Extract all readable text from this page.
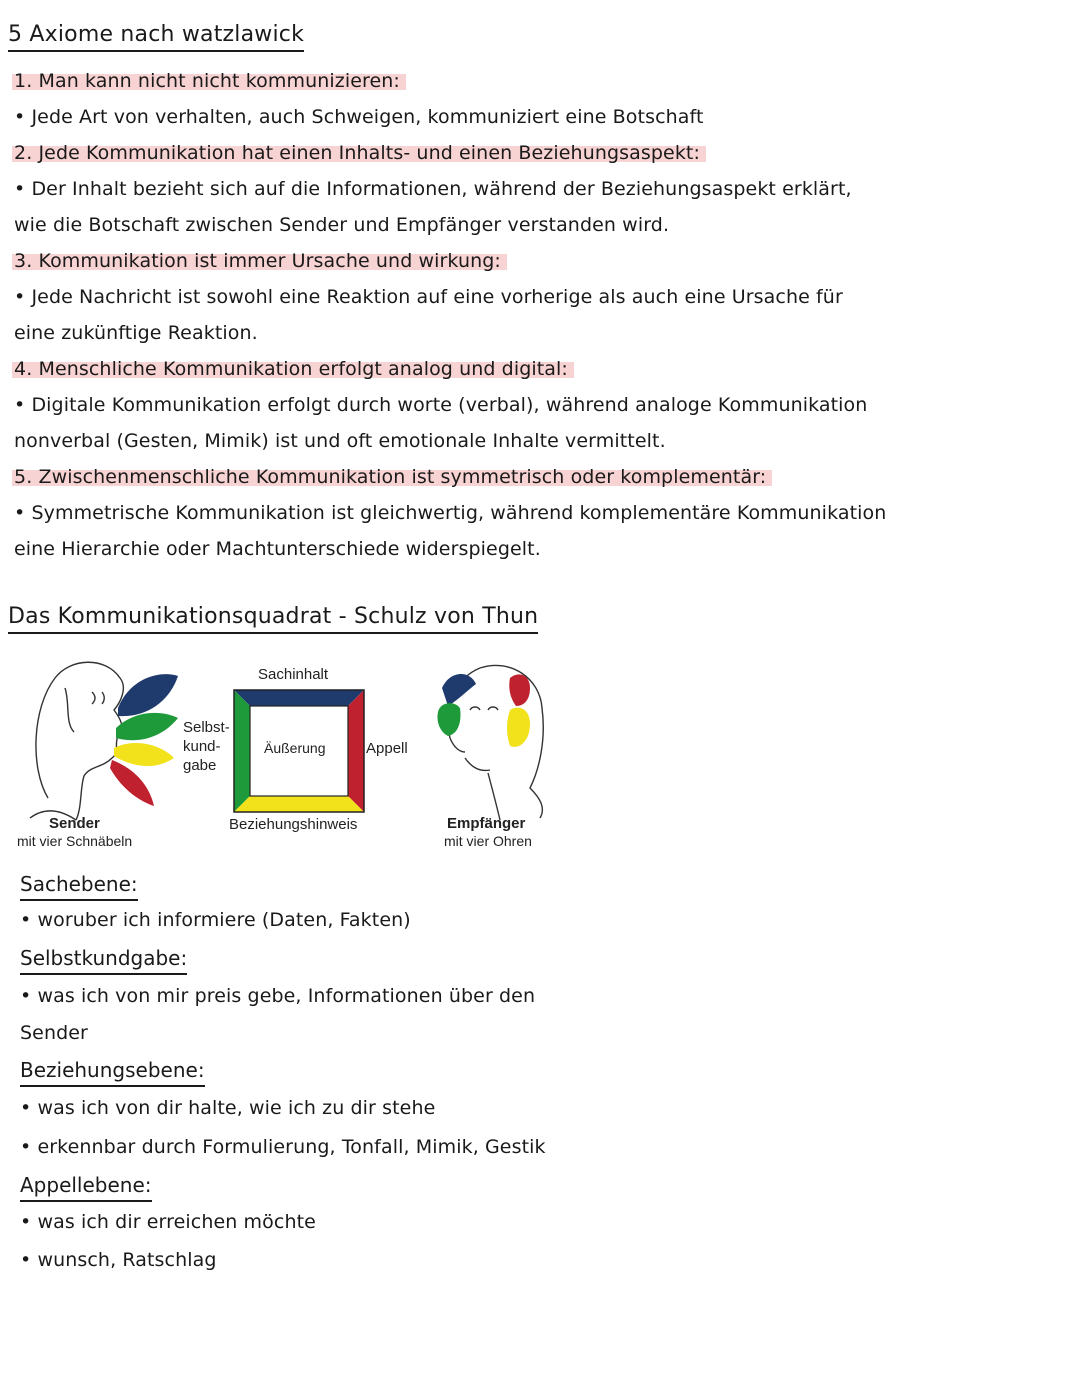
5 Axiome nach watzlawick
1. Man kann nicht nicht kommunizieren:
• Jede Art von verhalten, auch Schweigen, kommuniziert eine Botschaft
2. Jede Kommunikation hat einen Inhalts- und einen Beziehungsaspekt:
• Der Inhalt bezieht sich auf die Informationen, während der Beziehungsaspekt erklärt,
wie die Botschaft zwischen Sender und Empfänger verstanden wird.
3. Kommunikation ist immer Ursache und wirkung:
• Jede Nachricht ist sowohl eine Reaktion auf eine vorherige als auch eine Ursache für
eine zukünftige Reaktion.
4. Menschliche Kommunikation erfolgt analog und digital:
• Digitale Kommunikation erfolgt durch worte (verbal), während analoge Kommunikation
nonverbal (Gesten, Mimik) ist und oft emotionale Inhalte vermittelt.
5. Zwischenmenschliche Kommunikation ist symmetrisch oder komplementär:
• Symmetrische Kommunikation ist gleichwertig, während komplementäre Kommunikation
eine Hierarchie oder Machtunterschiede widerspiegelt.
Das Kommunikationsquadrat - Schulz von Thun
Sachinhalt
Selbst-
kund-
gabe
Äußerung	Appell
Beziehungshinweis
Sender
mit vier Schnäbeln
Empfänger
mit vier Ohren
Sachebene:
• woruber ich informiere (Daten, Fakten)
Selbstkundgabe:
• was ich von mir preis gebe, Informationen über den
Sender
Beziehungsebene:
• was ich von dir halte, wie ich zu dir stehe
• erkennbar durch Formulierung, Tonfall, Mimik, Gestik
Appellebene:
• was ich dir erreichen möchte
• wunsch, Ratschlag
